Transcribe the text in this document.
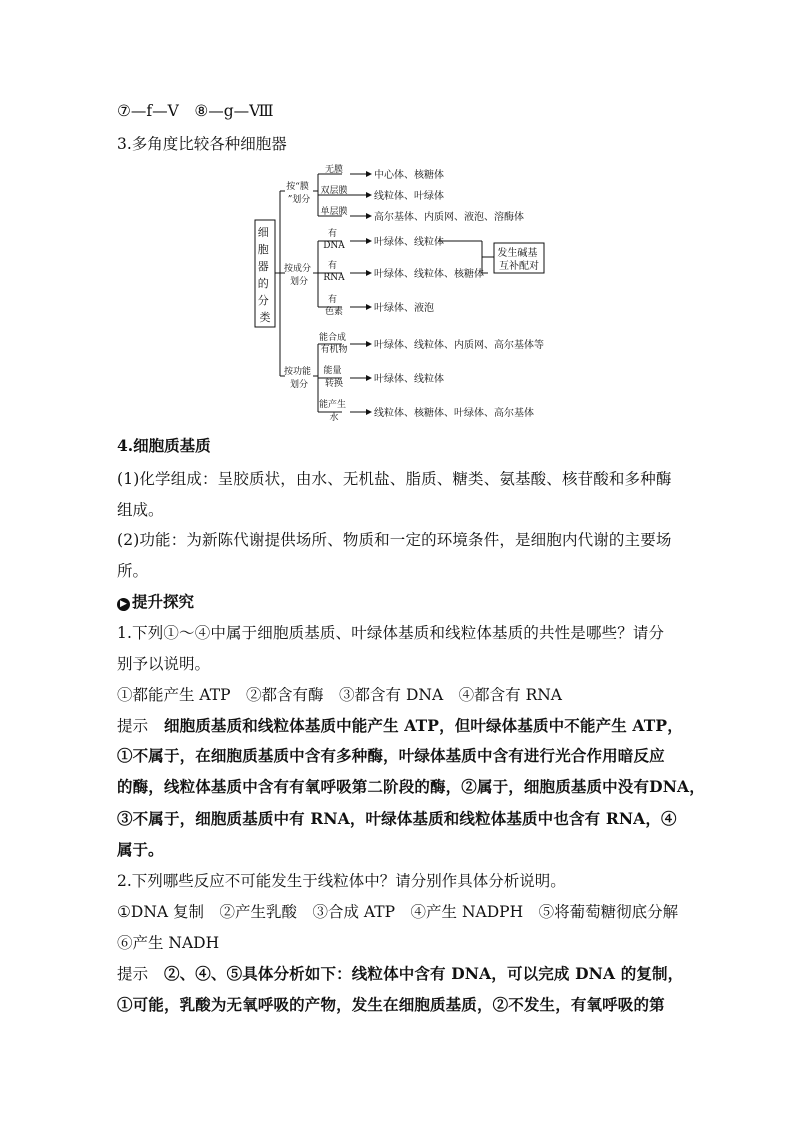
⑦—f—Ⅴ　⑧—g—Ⅷ
3.多角度比较各种细胞器
细 胞 器 的 分 类
按“膜 ”划分
按成分 划分
按功能 划分
无膜
双层膜
单层膜
中心体、核糖体
线粒体、叶绿体
高尔基体、内质网、液泡、溶酶体
有 DNA
有 RNA
有 色素
叶绿体、线粒体
叶绿体、线粒体、核糖体
叶绿体、液泡
发生碱基 互补配对
能合成 有机物
能量 转换
能产生 水
叶绿体、线粒体、内质网、高尔基体等
叶绿体、线粒体
线粒体、核糖体、叶绿体、高尔基体
4.细胞质基质
(1)化学组成：呈胶质状，由水、无机盐、脂质、糖类、氨基酸、核苷酸和多种酶
组成。
(2)功能：为新陈代谢提供场所、物质和一定的环境条件，是细胞内代谢的主要场
所。
▶ 提升探究
1.下列①～④中属于细胞质基质、叶绿体基质和线粒体基质的共性是哪些？请分
别予以说明。
①都能产生 ATP　②都含有酶　③都含有 DNA　④都含有 RNA
提示　细胞质基质和线粒体基质中能产生 ATP，但叶绿体基质中不能产生 ATP，
①不属于，在细胞质基质中含有多种酶，叶绿体基质中含有进行光合作用暗反应
的酶，线粒体基质中含有有氧呼吸第二阶段的酶，②属于，细胞质基质中没有DNA，
③不属于，细胞质基质中有 RNA，叶绿体基质和线粒体基质中也含有 RNA，④
属于。
2.下列哪些反应不可能发生于线粒体中？请分别作具体分析说明。
①DNA 复制　②产生乳酸　③合成 ATP　④产生 NADPH　⑤将葡萄糖彻底分解
⑥产生 NADH
提示　②、④、⑤具体分析如下：线粒体中含有 DNA，可以完成 DNA 的复制，
①可能，乳酸为无氧呼吸的产物，发生在细胞质基质，②不发生，有氧呼吸的第
